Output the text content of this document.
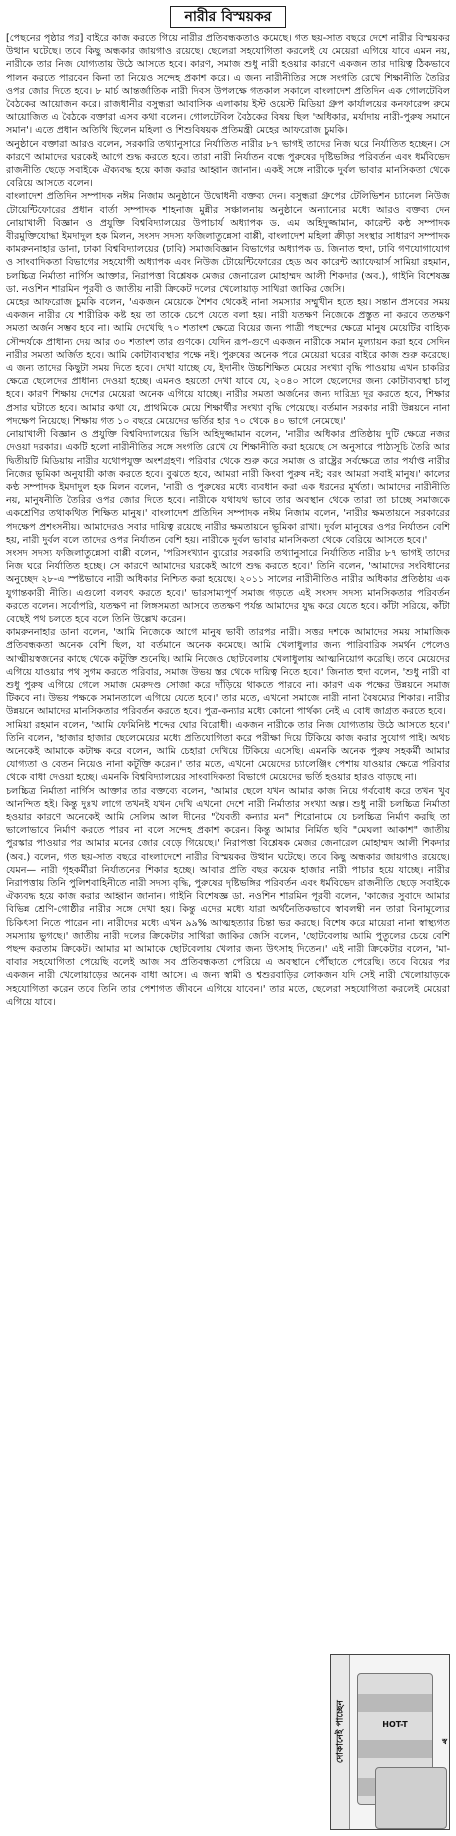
নারীর বিস্ময়কর
দোকানেই পাচ্ছেন	HOT-T
স্ব

[পেছনের পৃষ্ঠার পর] বাইরে কাজ করতে গিয়ে নারীর প্রতিবন্ধকতাও কমেছে। গত ছয়-সাত বছরে দেশে নারীর বিস্ময়কর উত্থান ঘটেছে। তবে কিছু অন্ধকার জায়গাও রয়েছে। ছেলেরা সহযোগিতা করলেই যে মেয়েরা এগিয়ে যাবে এমন নয়, নারীকে তার নিজ যোগ্যতায় উঠে আসতে হবে। কারণ, সমাজ শুধু নারী হওয়ার কারণে একজন তার দায়িত্ব ঠিকভাবে পালন করতে পারবেন কিনা তা নিয়েও সন্দেহ প্রকাশ করে। এ জন্য নারীনীতির সঙ্গে সংগতি রেখে শিক্ষানীতি তৈরির ওপর জোর দিতে হবে। ৮ মার্চ আন্তর্জাতিক নারী দিবস উপলক্ষে গতকাল সকালে বাংলাদেশ প্রতিদিন এক গোলটেবিল বৈঠকের আয়োজন করে। রাজধানীর বসুন্ধরা আবাসিক এলাকায় ইস্ট ওয়েস্ট মিডিয়া গ্রুপ কার্যালয়ের কনফারেন্স রুমে আয়োজিত এ বৈঠকে বক্তারা এসব কথা বলেন। গোলটেবিল বৈঠকের বিষয় ছিল 'অধিকার, মর্যাদায় নারী-পুরুষ সমানে সমান'। এতে প্রধান অতিথি ছিলেন মহিলা ও শিশুবিষয়ক প্রতিমন্ত্রী মেহের আফরোজ চুমকি।

অনুষ্ঠানে বক্তারা আরও বলেন, সরকারি তথ্যানুসারে নির্যাতিত নারীর ৮৭ ভাগই তাদের নিজ ঘরে নির্যাতিত হচ্ছেন। সে কারণে আমাদের ঘরকেই আগে শুদ্ধ করতে হবে। তারা নারী নির্যাতন বন্ধে পুরুষের দৃষ্টিভঙ্গির পরিবর্তন এবং ধর্মবিভেদ রাজনীতি ছেড়ে সবাইকে ঐক্যবদ্ধ হয়ে কাজ করার আহ্বান জানান। একই সঙ্গে নারীকে দুর্বল ভাবার মানসিকতা থেকে বেরিয়ে আসতে বলেন।

বাংলাদেশ প্রতিদিন সম্পাদক নঈম নিজাম অনুষ্ঠানে উদ্বোধনী বক্তব্য দেন। বসুন্ধরা গ্রুপের টেলিভিশন চ্যানেল নিউজ টোয়েন্টিফোরের প্রধান বার্তা সম্পাদক শাহনাজ মুন্নীর সঞ্চালনায় অনুষ্ঠানে অন্যান্যের মধ্যে আরও বক্তব্য দেন নোয়াখালী বিজ্ঞান ও প্রযুক্তি বিশ্ববিদ্যালয়ের উপাচার্য অধ্যাপক ড. এম অহিদুজ্জামান, কারেন্ট কন্ঠ সম্পাদক বীরমুক্তিযোদ্ধা ইমদাদুল হক মিলন, সংসদ সদস্য ফজিলাতুন্নেসা বাপ্পী, বাংলাদেশ মহিলা ক্রীড়া সংস্থার সাধারণ সম্পাদক কামরুননাহার ডানা, ঢাকা বিশ্ববিদ্যালয়ের (ঢাবি) সমাজবিজ্ঞান বিভাগের অধ্যাপক ড. জিনাত হুদা, ঢাবি গণযোগাযোগ ও সাংবাদিকতা বিভাগের সহযোগী অধ্যাপক এবং নিউজ টোয়েন্টিফোরের হেড অব কারেন্ট অ্যাফেয়ার্স সামিয়া রহমান, চলচ্চিত্র নির্মাতা নার্গিস আক্তার, নিরাপত্তা বিশ্লেষক মেজর জেনারেল মোহাম্মদ আলী শিকদার (অব.), গাইনি বিশেষজ্ঞ ডা. নওশিন শারমিন পূরবী ও জাতীয় নারী ক্রিকেট দলের খেলোয়াড় সাথিরা জাকির জেসি।

মেহের আফরোজ চুমকি বলেন, 'একজন মেয়েকে শৈশব থেকেই নানা সমস্যার সম্মুখীন হতে হয়। সন্তান প্রসবের সময় একজন নারীর যে শারীরিক কষ্ট হয় তা তাকে চেপে যেতে বলা হয়। নারী যতক্ষণ নিজেকে প্রস্তুত না করবে ততক্ষণ সমতা অর্জন সম্ভব হবে না। আমি দেখেছি ৭০ শতাংশ ক্ষেত্রে বিয়ের জন্য পাত্রী পছন্দের ক্ষেত্রে মানুষ মেয়েটির বাহ্যিক সৌন্দর্যকে প্রাধান্য দেয় আর ৩০ শতাংশ তার গুণকে। যেদিন রূপ-গুণে একজন নারীকে সমান মূল্যায়ন করা হবে সেদিন নারীর সমতা অর্জিত হবে। আমি কোটাব্যবস্থার পক্ষে নই। পুরুষের অনেক পরে মেয়েরা ঘরের বাইরে কাজ শুরু করেছে। এ জন্য তাদের কিছুটা সময় দিতে হবে। দেখা যাচ্ছে যে, ইদানীং উচ্চশিক্ষিত মেয়ের সংখ্যা বৃদ্ধি পাওয়ায় এখন চাকরির ক্ষেত্রে ছেলেদের প্রাধান্য দেওয়া হচ্ছে। এমনও হয়তো দেখা যাবে যে, ২০৪০ সালে ছেলেদের জন্য কোটাব্যবস্থা চালু হবে। কারণ শিক্ষায় দেশের মেয়েরা অনেক এগিয়ে যাচ্ছে। নারীর সমতা অর্জনের জন্য দারিদ্র্য দূর করতে হবে, শিক্ষার প্রসার ঘটাতে হবে। আমার কথা যে, প্রাথমিকে মেয়ে শিক্ষার্থীর সংখ্যা বৃদ্ধি পেয়েছে। বর্তমান সরকার নারী উন্নয়নে নানা পদক্ষেপ নিয়েছে। শিক্ষায় গত ১০ বছরে মেয়েদের ভর্তির হার ৭০ থেকে ৪০ ভাগে নেমেছে।'

নোয়াখালী বিজ্ঞান ও প্রযুক্তি বিশ্ববিদ্যালয়ের ভিসি অহিদুজ্জামান বলেন, 'নারীর অধিকার প্রতিষ্ঠায় দুটি ক্ষেত্রে নজর দেওয়া দরকার। একটি হলো নারীনীতির সঙ্গে সংগতি রেখে যে শিক্ষানীতি করা হয়েছে সে অনুসারে পাঠ্যসূচি তৈরি আর দ্বিতীয়টি মিডিয়ায় নারীর যথোপযুক্ত অংশগ্রহণ। পরিবার থেকে শুরু করে সমাজ ও রাষ্ট্রের সর্বক্ষেত্রে তার পর্যাপ্ত নারীর নিজের ভূমিকা অনুযায়ী কাজ করতে হবে। বুঝতে হবে, আমরা নারী কিংবা পুরুষ নই; বরং আমরা সবাই মানুষ।' কালের কণ্ঠ সম্পাদক ইমদাদুল হক মিলন বলেন, 'নারী ও পুরুষের মধ্যে ব্যবধান করা এক ধরনের মূর্খতা। আমাদের নারীনীতি নয়, মানুষনীতি তৈরির ওপর জোর দিতে হবে। নারীকে যথাযথ ভাবে তার অবস্থান থেকে তারা তা চাচ্ছে সমাজকে একশ্রেণির তথাকথিত শিক্ষিত মানুষ।' বাংলাদেশ প্রতিদিন সম্পাদক নঈম নিজাম বলেন, 'নারীর ক্ষমতায়নে সরকারের পদক্ষেপ প্রশংসনীয়। আমাদেরও সবার দায়িত্ব রয়েছে নারীর ক্ষমতায়নে ভূমিকা রাখা। দুর্বল মানুষের ওপর নির্যাতন বেশি হয়, নারী দুর্বল বলে তাদের ওপর নির্যাতন বেশি হয়। নারীকে দুর্বল ভাবার মানসিকতা থেকে বেরিয়ে আসতে হবে।'

সংসদ সদস্য ফজিলাতুন্নেসা বাপ্পী বলেন, 'পরিসংখ্যান ব্যুরোর সরকারি তথ্যানুসারে নির্যাতিত নারীর ৮৭ ভাগই তাদের নিজ ঘরে নির্যাতিত হচ্ছে। সে কারণে আমাদের ঘরকেই আগে শুদ্ধ করতে হবে।' তিনি বলেন, 'আমাদের সংবিধানের অনুচ্ছেদ ২৮-এ স্পষ্টভাবে নারী অধিকার নিশ্চিত করা হয়েছে। ২০১১ সালের নারীনীতিও নারীর অধিকার প্রতিষ্ঠায় এক যুগান্তকারী নীতি। এগুলো বলবৎ করতে হবে।' ভারসাম্যপূর্ণ সমাজ গড়তে এই সংসদ সদস্য মানসিকতার পরিবর্তন করতে বলেন। সর্বোপরি, যতক্ষণ না লিঙ্গসমতা আসবে ততক্ষণ পর্যন্ত আমাদের যুদ্ধ করে যেতে হবে। কাঁটা সরিয়ে, কাঁটা বেছেই পথ চলতে হবে বলে তিনি উল্লেখ করেন।

কামরুননাহার ডানা বলেন, 'আমি নিজেকে আগে মানুষ ভাবী তারপর নারী। সত্তর দশকে আমাদের সময় সামাজিক প্রতিবন্ধকতা অনেক বেশি ছিল, যা বর্তমানে অনেক কমেছে। আমি খেলাধুলার জন্য পারিবারিক সমর্থন পেলেও আত্মীয়স্বজনের কাছে থেকে কটূক্তি শুনেছি। আমি নিজেও ছোটবেলায় খেলাধুলায় আত্মনিয়োগ করেছি। তবে মেয়েদের এগিয়ে যাওয়ার পথ সুগম করতে পরিবার, সমাজ উভয় স্তর থেকে দায়িত্ব নিতে হবে।' জিনাত হুদা বলেন, 'শুধু নারী বা শুধু পুরুষ এগিয়ে গেলে সমাজ মেরুদণ্ড সোজা করে দাঁড়িয়ে থাকতে পারবে না। কারণ এক পক্ষের উন্নয়নে সমাজ টিকবে না। উভয় পক্ষকে সমানতালে এগিয়ে যেতে হবে।' তার মতে, এখনো সমাজে নারী নানা বৈষম্যের শিকার। নারীর উন্নয়নে আমাদের মানসিকতার পরিবর্তন করতে হবে। পুত্র-কন্যার মধ্যে কোনো পার্থক্য নেই এ বোধ জাগ্রত করতে হবে।

সামিয়া রহমান বলেন, 'আমি ফেমিনিষ্ট শব্দের ঘোর বিরোধী। একজন নারীকে তার নিজ যোগ্যতায় উঠে আসতে হবে।' তিনি বলেন, 'হাজার হাজার ছেলেমেয়ের মধ্যে প্রতিযোগিতা করে পরীক্ষা দিয়ে টিকিয়ে কাজ করার সুযোগ পাই। অথচ অনেকেই আমাকে কটাক্ষ করে বলেন, আমি চেহারা দেখিয়ে টিকিয়ে এসেছি। এমনকি অনেক পুরুষ সহকর্মী আমার যোগ্যতা ও বেতন নিয়েও নানা কটূক্তি করেন।' তার মতে, এখনো মেয়েদের চ্যালেঞ্জিং পেশায় যাওয়ার ক্ষেত্রে পরিবার থেকে বাধা দেওয়া হচ্ছে। এমনকি বিশ্ববিদ্যালয়ের সাংবাদিকতা বিভাগে মেয়েদের ভর্তি হওয়ার হারও বাড়ছে না।

চলচ্চিত্র নির্মাতা নার্গিস আক্তার তার বক্তব্যে বলেন, 'আমার ছেলে যখন আমার কাজ নিয়ে গর্ববোধ করে তখন খুব আনন্দিত হই। কিন্তু দুঃখ লাগে তখনই যখন দেখি এখনো দেশে নারী নির্মাতার সংখ্যা অল্প। শুধু নারী চলচ্চিত্র নির্মাতা হওয়ার কারণে অনেকেই আমি সেলিম আল দীনের "যৈবতী কন্যার মন" শিরোনামে যে চলচ্চিত্র নির্মাণ করছি তা ভালোভাবে নির্মাণ করতে পারব না বলে সন্দেহ প্রকাশ করেন। কিন্তু আমার নির্মিত ছবি "মেঘলা আকাশ" জাতীয় পুরস্কার পাওয়ার পর আমার মনের জোর বেড়ে গিয়েছে।' নিরাপত্তা বিশ্লেষক মেজর জেনারেল মোহাম্মদ আলী শিকদার (অব.) বলেন, গত ছয়-সাত বছরে বাংলাদেশে নারীর বিস্ময়কর উত্থান ঘটেছে। তবে কিছু অন্ধকার জায়গাও রয়েছে। যেমন— নারী গৃহকর্মীরা নির্যাতনের শিকার হচ্ছে। আবার প্রতি বছর কয়েক হাজার নারী পাচার হয়ে যাচ্ছে। নারীর নিরাপত্তায় তিনি পুলিশবাহিনীতে নারী সদস্য বৃদ্ধি, পুরুষের দৃষ্টিভঙ্গির পরিবর্তন এবং ধর্মবিভেদ রাজনীতি ছেড়ে সবাইকে ঐক্যবদ্ধ হয়ে কাজ করার আহ্বান জানান। গাইনি বিশেষজ্ঞ ডা. নওশিন শারমিন পূরবী বলেন, 'কাজের সুবাদে আমার বিভিন্ন শ্রেণি-গোষ্ঠীর নারীর সঙ্গে দেখা হয়। কিন্তু এদের মধ্যে যারা অর্থনৈতিকভাবে স্বাবলম্বী নন তারা বিনামূল্যের চিকিৎসা নিতে পারেন না। নারীদের মধ্যে এখন ৯৯% আত্মহত্যার চিন্তা ভর করছে। বিশেষ করে মায়েরা নানা স্বাস্থ্যগত সমস্যায় ভুগছে।' জাতীয় নারী দলের ক্রিকেটার সাথিরা জাকির জেসি বলেন, 'ছোটবেলায় আমি পুতুলের চেয়ে বেশি পছন্দ করতাম ক্রিকেট। আমার মা আমাকে ছোটবেলায় খেলার জন্য উৎসাহ দিতেন।' এই নারী ক্রিকেটার বলেন, 'মা-বাবার সহযোগিতা পেয়েছি বলেই আজ সব প্রতিবন্ধকতা পেরিয়ে এ অবস্থানে পৌঁছাতে পেরেছি। তবে বিয়ের পর একজন নারী খেলোয়াড়ের অনেক বাধা আসে। এ জন্য স্বামী ও শ্বশুরবাড়ির লোকজন যদি সেই নারী খেলোয়াড়কে সহযোগিতা করেন তবে তিনি তার পেশাগত জীবনে এগিয়ে যাবেন।' তার মতে, ছেলেরা সহযোগিতা করলেই মেয়েরা এগিয়ে যাবে।
